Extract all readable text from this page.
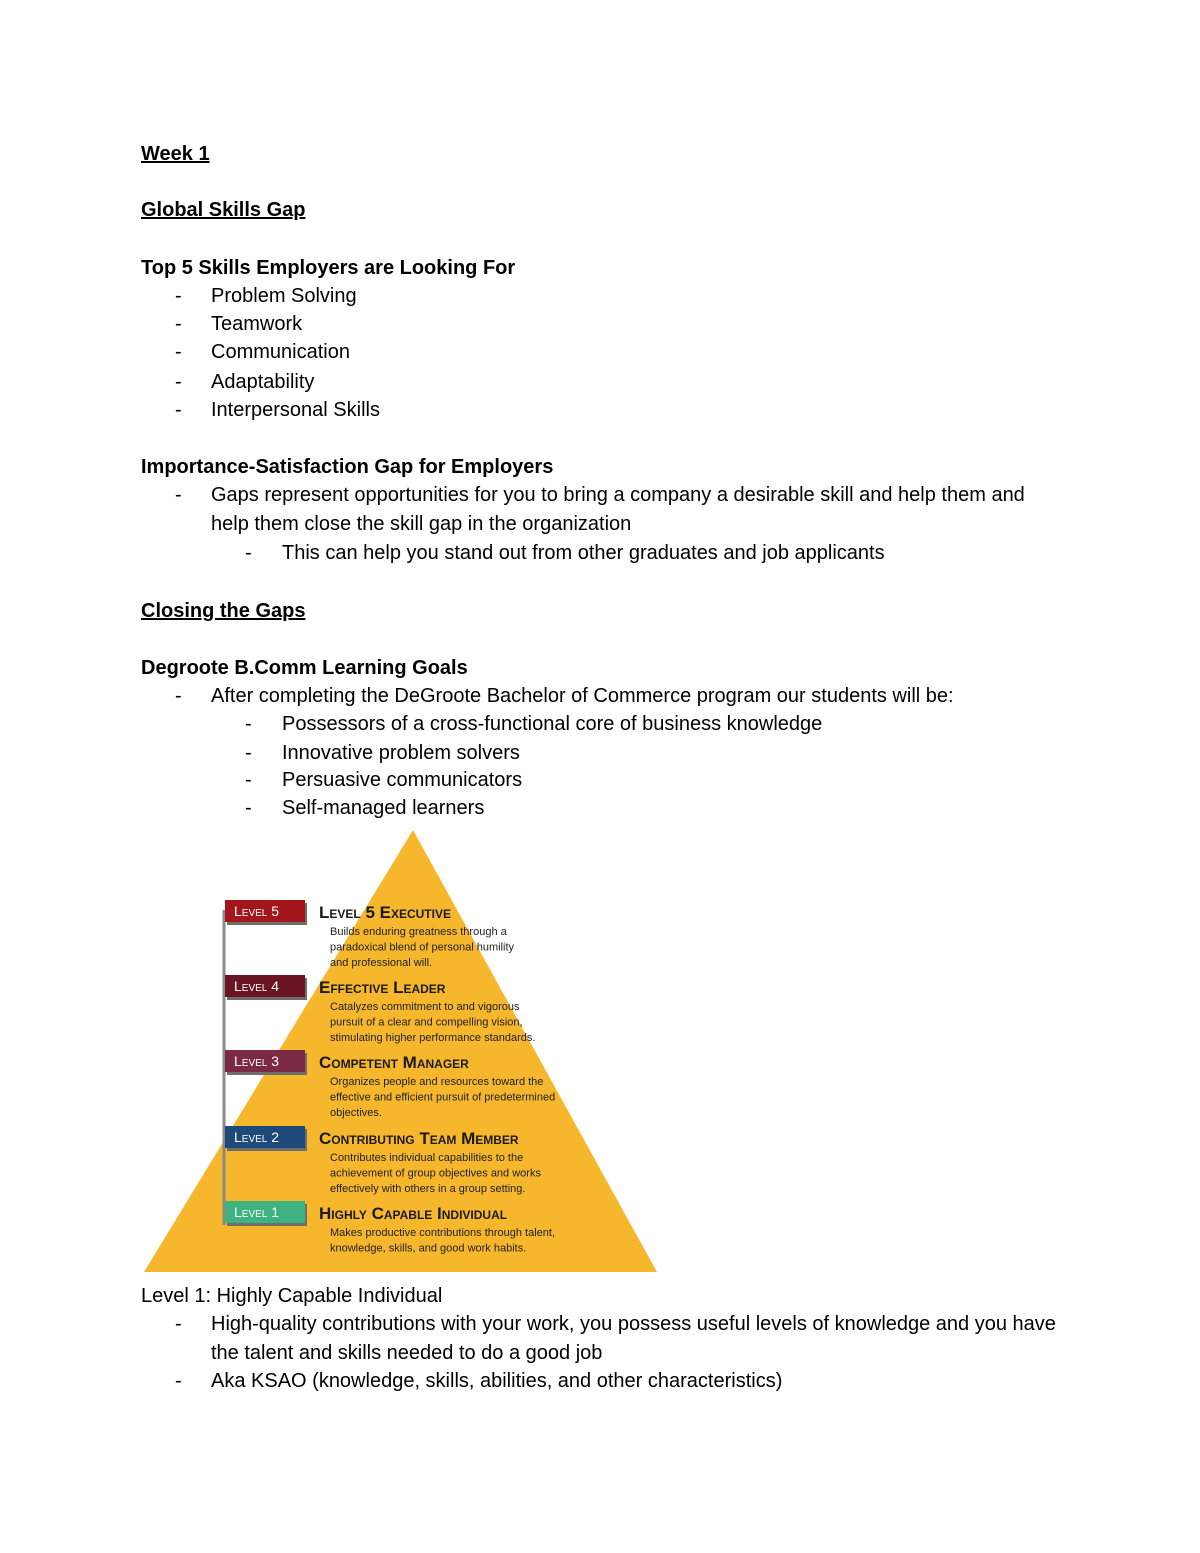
Week 1
Global Skills Gap
Top 5 Skills Employers are Looking For
- Problem Solving
- Teamwork
- Communication
- Adaptability
- Interpersonal Skills
Importance-Satisfaction Gap for Employers
- Gaps represent opportunities for you to bring a company a desirable skill and help them and help them close the skill gap in the organization
- This can help you stand out from other graduates and job applicants
Closing the Gaps
Degroote B.Comm Learning Goals
- After completing the DeGroote Bachelor of Commerce program our students will be:
- Possessors of a cross-functional core of business knowledge
- Innovative problem solvers
- Persuasive communicators
- Self-managed learners
Level 5 Level 5 Executive
Builds enduring greatness through a
paradoxical blend of personal humility
and professional will.
Level 4 Effective Leader
Catalyzes commitment to and vigorous
pursuit of a clear and compelling vision,
stimulating higher performance standards.
Level 3 Competent Manager
Organizes people and resources toward the
effective and efficient pursuit of predetermined
objectives.
Level 2 Contributing Team Member
Contributes individual capabilities to the
achievement of group objectives and works
effectively with others in a group setting.
Level 1 Highly Capable Individual
Makes productive contributions through talent,
knowledge, skills, and good work habits.
Level 1: Highly Capable Individual
- High-quality contributions with your work, you possess useful levels of knowledge and you have the talent and skills needed to do a good job
- Aka KSAO (knowledge, skills, abilities, and other characteristics)
